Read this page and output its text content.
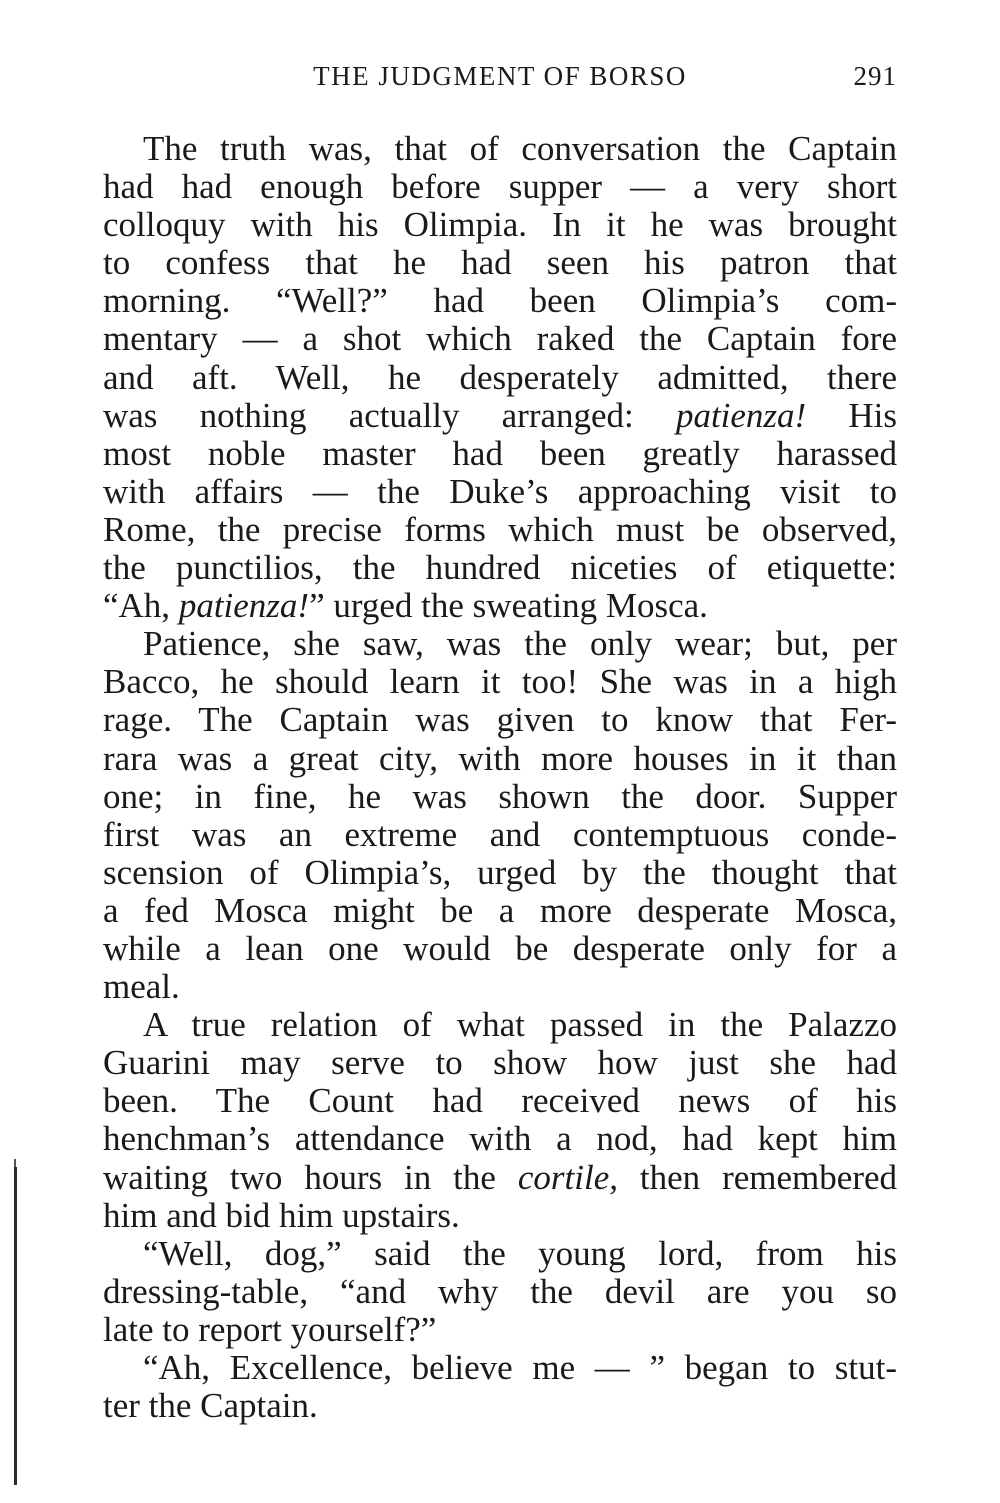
THE JUDGMENT OF BORSO	291
The truth was, that of conversation the Captain
had had enough before supper — a very short
colloquy with his Olimpia. In it he was brought
to confess that he had seen his patron that
morning. “Well?” had been Olimpia’s com-
mentary — a shot which raked the Captain fore
and aft. Well, he desperately admitted, there
was nothing actually arranged: patienza! His
most noble master had been greatly harassed
with affairs — the Duke’s approaching visit to
Rome, the precise forms which must be observed,
the punctilios, the hundred niceties of etiquette:
“Ah, patienza!” urged the sweating Mosca.
Patience, she saw, was the only wear; but, per
Bacco, he should learn it too! She was in a high
rage. The Captain was given to know that Fer-
rara was a great city, with more houses in it than
one; in fine, he was shown the door. Supper
first was an extreme and contemptuous conde-
scension of Olimpia’s, urged by the thought that
a fed Mosca might be a more desperate Mosca,
while a lean one would be desperate only for a
meal.
A true relation of what passed in the Palazzo
Guarini may serve to show how just she had
been. The Count had received news of his
henchman’s attendance with a nod, had kept him
waiting two hours in the cortile, then remembered
him and bid him upstairs.
“Well, dog,” said the young lord, from his
dressing-table, “and why the devil are you so
late to report yourself?”
“Ah, Excellence, believe me — ” began to stut-
ter the Captain.
